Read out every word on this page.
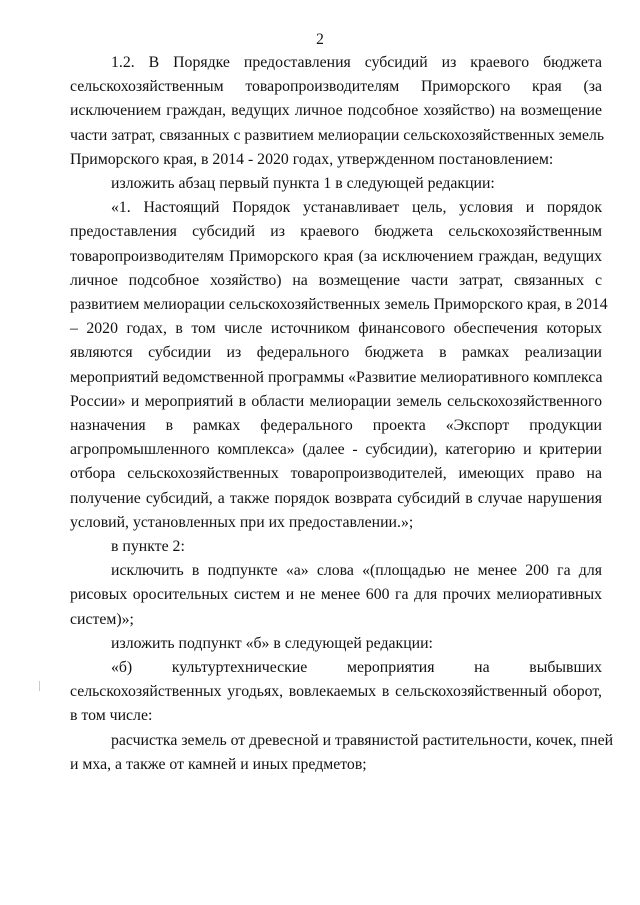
2

1.2. В Порядке предоставления субсидий из краевого бюджета
сельскохозяйственным товаропроизводителям Приморского края (за
исключением граждан, ведущих личное подсобное хозяйство) на возмещение
части затрат, связанных с развитием мелиорации сельскохозяйственных земель
Приморского края, в 2014 - 2020 годах, утвержденном постановлением:

изложить абзац первый пункта 1 в следующей редакции:

«1. Настоящий Порядок устанавливает цель, условия и порядок
предоставления субсидий из краевого бюджета сельскохозяйственным
товаропроизводителям Приморского края (за исключением граждан, ведущих
личное подсобное хозяйство) на возмещение части затрат, связанных с
развитием мелиорации сельскохозяйственных земель Приморского края, в 2014
– 2020 годах, в том числе источником финансового обеспечения которых
являются субсидии из федерального бюджета в рамках реализации
мероприятий ведомственной программы «Развитие мелиоративного комплекса
России» и мероприятий в области мелиорации земель сельскохозяйственного
назначения в рамках федерального проекта «Экспорт продукции
агропромышленного комплекса» (далее - субсидии), категорию и критерии
отбора сельскохозяйственных товаропроизводителей, имеющих право на
получение субсидий, а также порядок возврата субсидий в случае нарушения
условий, установленных при их предоставлении.»;

в пункте 2:

исключить в подпункте «а» слова «(площадью не менее 200 га для
рисовых оросительных систем и не менее 600 га для прочих мелиоративных
систем)»;

изложить подпункт «б» в следующей редакции:

«б) культуртехнические мероприятия на выбывших
сельскохозяйственных угодьях, вовлекаемых в сельскохозяйственный оборот,
в том числе:

расчистка земель от древесной и травянистой растительности, кочек, пней
и мха, а также от камней и иных предметов;
